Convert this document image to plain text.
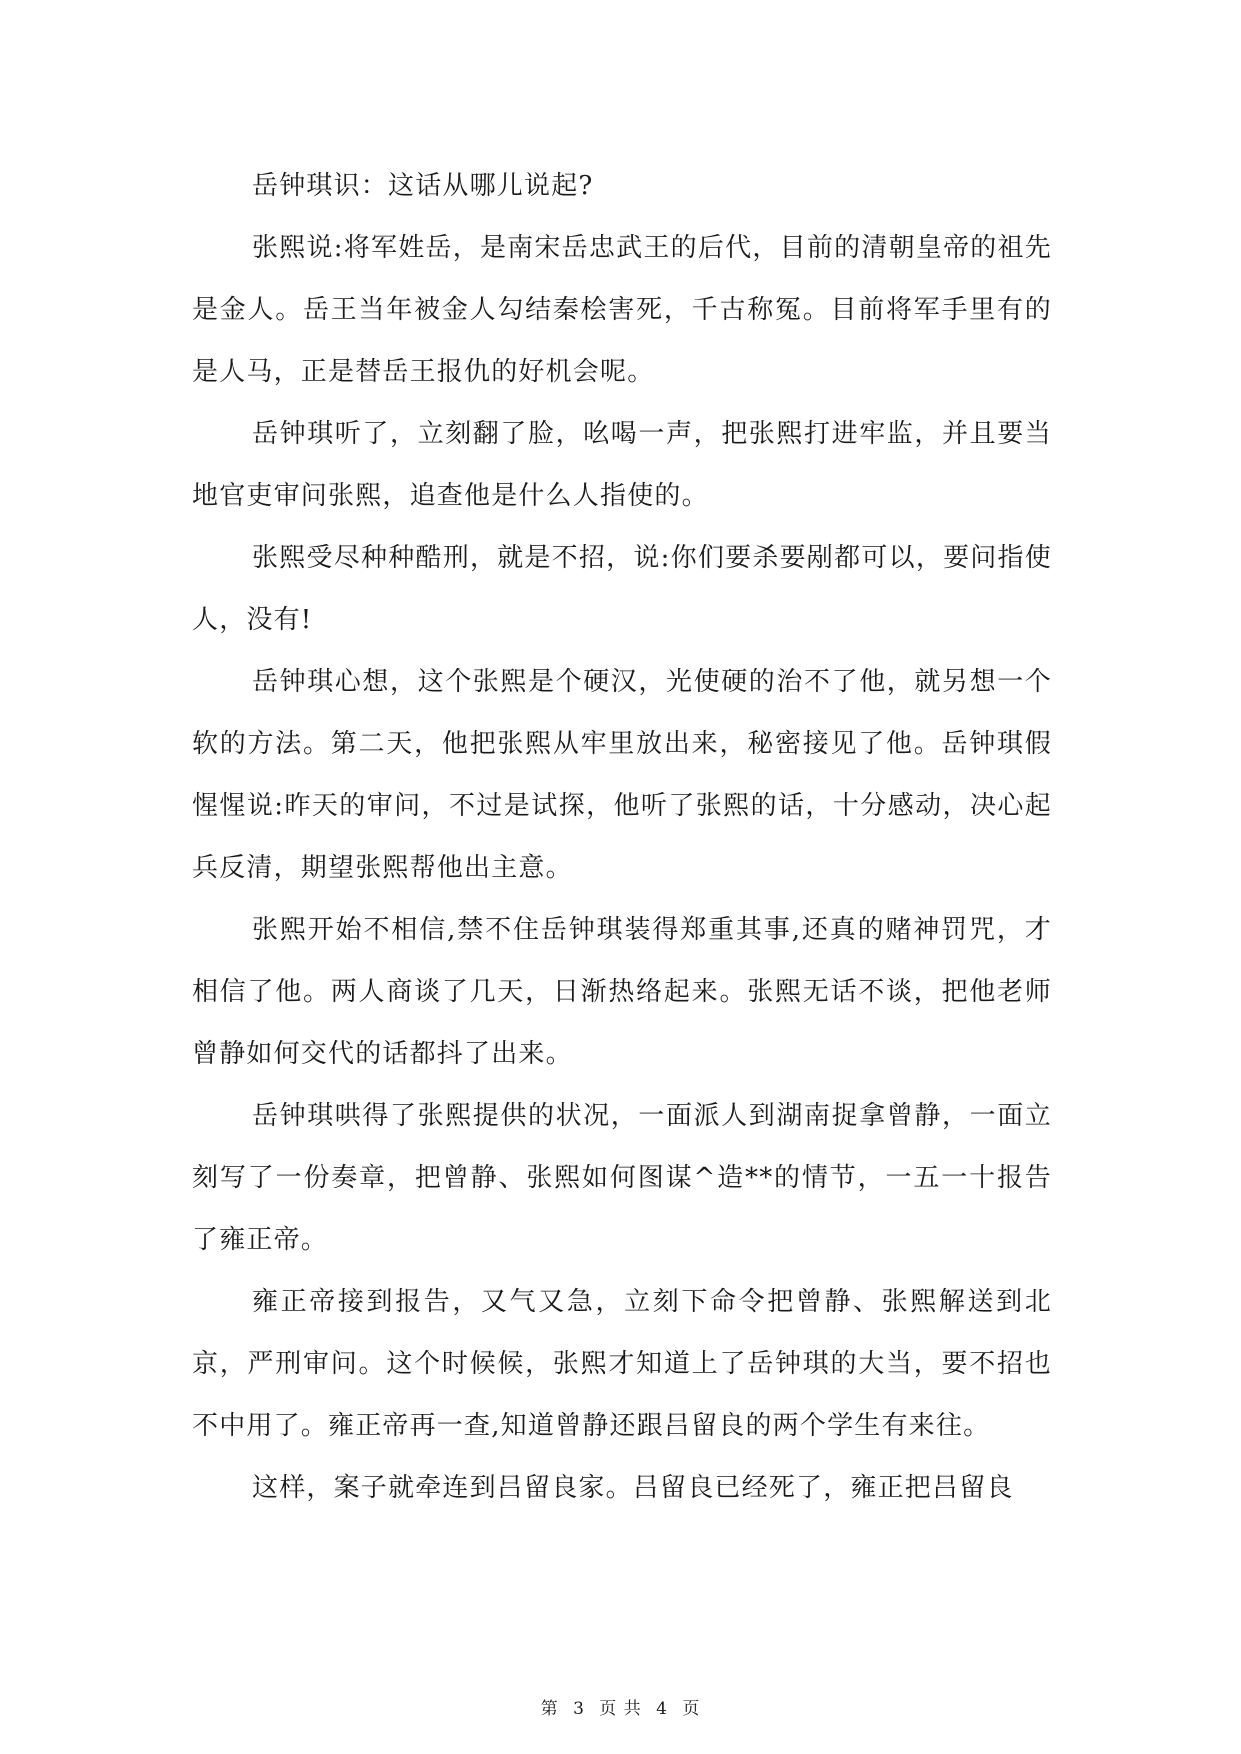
岳钟琪识：这话从哪儿说起?

张熙说:将军姓岳，是南宋岳忠武王的后代，目前的清朝皇帝的祖先是金人。岳王当年被金人勾结秦桧害死，千古称冤。目前将军手里有的是人马，正是替岳王报仇的好机会呢。

岳钟琪听了，立刻翻了脸，吆喝一声，把张熙打进牢监，并且要当地官吏审问张熙，追查他是什么人指使的。

张熙受尽种种酷刑，就是不招，说:你们要杀要剐都可以，要问指使人，没有!

岳钟琪心想，这个张熙是个硬汉，光使硬的治不了他，就另想一个软的方法。第二天，他把张熙从牢里放出来，秘密接见了他。岳钟琪假惺惺说:昨天的审问，不过是试探，他听了张熙的话，十分感动，决心起兵反清，期望张熙帮他出主意。

张熙开始不相信,禁不住岳钟琪装得郑重其事,还真的赌神罚咒，才相信了他。两人商谈了几天，日渐热络起来。张熙无话不谈，把他老师曾静如何交代的话都抖了出来。

岳钟琪哄得了张熙提供的状况，一面派人到湖南捉拿曾静，一面立刻写了一份奏章，把曾静、张熙如何图谋^造**的情节，一五一十报告了雍正帝。

雍正帝接到报告，又气又急，立刻下命令把曾静、张熙解送到北京，严刑审问。这个时候候，张熙才知道上了岳钟琪的大当，要不招也不中用了。雍正帝再一查,知道曾静还跟吕留良的两个学生有来往。

这样，案子就牵连到吕留良家。吕留良已经死了，雍正把吕留良

第 3 页 共 4 页
